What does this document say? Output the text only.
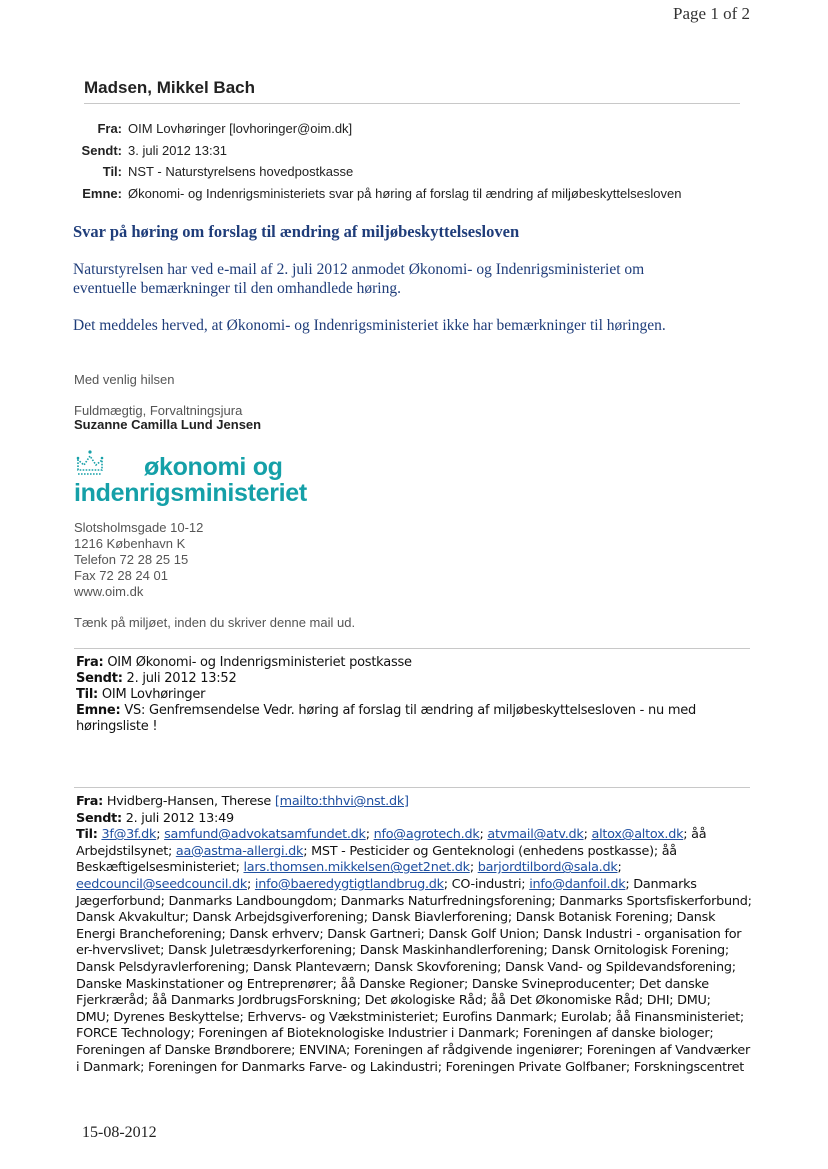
Page 1 of 2
Madsen, Mikkel Bach
Fra: OIM Lovhøringer [lovhoringer@oim.dk]
Sendt: 3. juli 2012 13:31
Til: NST - Naturstyrelsens hovedpostkasse
Emne: Økonomi- og Indenrigsministeriets svar på høring af forslag til ændring af miljøbeskyttelsesloven
Svar på høring om forslag til ændring af miljøbeskyttelsesloven
Naturstyrelsen har ved e-mail af 2. juli 2012 anmodet Økonomi- og Indenrigsministeriet om
eventuelle bemærkninger til den omhandlede høring.
Det meddeles herved, at Økonomi- og Indenrigsministeriet ikke har bemærkninger til høringen.
Med venlig hilsen
Fuldmægtig, Forvaltningsjura
Suzanne Camilla Lund Jensen
økonomi og
indenrigsministeriet
Slotsholmsgade 10-12
1216 København K
Telefon 72 28 25 15
Fax 72 28 24 01
www.oim.dk
Tænk på miljøet, inden du skriver denne mail ud.
Fra: OIM Økonomi- og Indenrigsministeriet postkasse
Sendt: 2. juli 2012 13:52
Til: OIM Lovhøringer
Emne: VS: Genfremsendelse Vedr. høring af forslag til ændring af miljøbeskyttelsesloven - nu med
høringsliste !
Fra: Hvidberg-Hansen, Therese [mailto:thhvi@nst.dk]
Sendt: 2. juli 2012 13:49
Til: 3f@3f.dk; samfund@advokatsamfundet.dk; nfo@agrotech.dk; atvmail@atv.dk; altox@altox.dk; åå
Arbejdstilsynet; aa@astma-allergi.dk; MST - Pesticider og Genteknologi (enhedens postkasse); åå
Beskæftigelsesministeriet; lars.thomsen.mikkelsen@get2net.dk; barjordtilbord@sala.dk;
eedcouncil@seedcouncil.dk; info@baeredygtigtlandbrug.dk; CO-industri; info@danfoil.dk; Danmarks
Jægerforbund; Danmarks Landboungdom; Danmarks Naturfredningsforening; Danmarks Sportsfiskerforbund;
Dansk Akvakultur; Dansk Arbejdsgiverforening; Dansk Biavlerforening; Dansk Botanisk Forening; Dansk
Energi Brancheforening; Dansk erhverv; Dansk Gartneri; Dansk Golf Union; Dansk Industri - organisation for
er-hvervslivet; Dansk Juletræsdyrkerforening; Dansk Maskinhandlerforening; Dansk Ornitologisk Forening;
Dansk Pelsdyravlerforening; Dansk Planteværn; Dansk Skovforening; Dansk Vand- og Spildevandsforening;
Danske Maskinstationer og Entreprenører; åå Danske Regioner; Danske Svineproducenter; Det danske
Fjerkræråd; åå Danmarks JordbrugsForskning; Det økologiske Råd; åå Det Økonomiske Råd; DHI; DMU;
DMU; Dyrenes Beskyttelse; Erhvervs- og Vækstministeriet; Eurofins Danmark; Eurolab; åå Finansministeriet;
FORCE Technology; Foreningen af Bioteknologiske Industrier i Danmark; Foreningen af danske biologer;
Foreningen af Danske Brøndborere; ENVINA; Foreningen af rådgivende ingeniører; Foreningen af Vandværker
i Danmark; Foreningen for Danmarks Farve- og Lakindustri; Foreningen Private Golfbaner; Forskningscentret
15-08-2012
